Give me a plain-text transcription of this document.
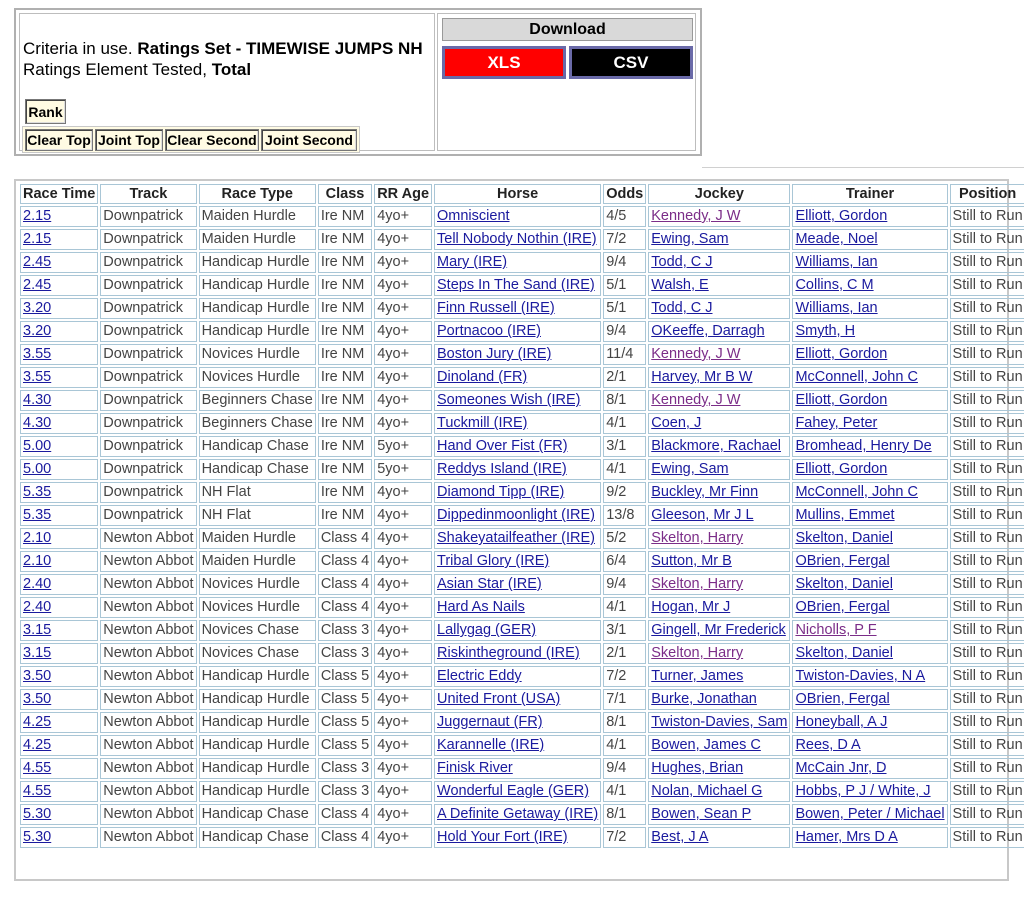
Criteria in use. Ratings Set - TIMEWISE JUMPS NH
Ratings Element Tested, Total
Rank
Clear Top Joint Top Clear Second Joint Second
Download
XLS	CSV
Race Time	Track	Race Type	Class	RR Age	Horse	Odds	Jockey	Trainer	Position
2.15	Downpatrick	Maiden Hurdle	Ire NM	4yo+	Omniscient	4/5	Kennedy, J W	Elliott, Gordon	Still to Run
2.15	Downpatrick	Maiden Hurdle	Ire NM	4yo+	Tell Nobody Nothin (IRE)	7/2	Ewing, Sam	Meade, Noel	Still to Run
2.45	Downpatrick	Handicap Hurdle	Ire NM	4yo+	Mary (IRE)	9/4	Todd, C J	Williams, Ian	Still to Run
2.45	Downpatrick	Handicap Hurdle	Ire NM	4yo+	Steps In The Sand (IRE)	5/1	Walsh, E	Collins, C M	Still to Run
3.20	Downpatrick	Handicap Hurdle	Ire NM	4yo+	Finn Russell (IRE)	5/1	Todd, C J	Williams, Ian	Still to Run
3.20	Downpatrick	Handicap Hurdle	Ire NM	4yo+	Portnacoo (IRE)	9/4	OKeeffe, Darragh	Smyth, H	Still to Run
3.55	Downpatrick	Novices Hurdle	Ire NM	4yo+	Boston Jury (IRE)	11/4	Kennedy, J W	Elliott, Gordon	Still to Run
3.55	Downpatrick	Novices Hurdle	Ire NM	4yo+	Dinoland (FR)	2/1	Harvey, Mr B W	McConnell, John C	Still to Run
4.30	Downpatrick	Beginners Chase	Ire NM	4yo+	Someones Wish (IRE)	8/1	Kennedy, J W	Elliott, Gordon	Still to Run
4.30	Downpatrick	Beginners Chase	Ire NM	4yo+	Tuckmill (IRE)	4/1	Coen, J	Fahey, Peter	Still to Run
5.00	Downpatrick	Handicap Chase	Ire NM	5yo+	Hand Over Fist (FR)	3/1	Blackmore, Rachael	Bromhead, Henry De	Still to Run
5.00	Downpatrick	Handicap Chase	Ire NM	5yo+	Reddys Island (IRE)	4/1	Ewing, Sam	Elliott, Gordon	Still to Run
5.35	Downpatrick	NH Flat	Ire NM	4yo+	Diamond Tipp (IRE)	9/2	Buckley, Mr Finn	McConnell, John C	Still to Run
5.35	Downpatrick	NH Flat	Ire NM	4yo+	Dippedinmoonlight (IRE)	13/8	Gleeson, Mr J L	Mullins, Emmet	Still to Run
2.10	Newton Abbot	Maiden Hurdle	Class 4	4yo+	Shakeyatailfeather (IRE)	5/2	Skelton, Harry	Skelton, Daniel	Still to Run
2.10	Newton Abbot	Maiden Hurdle	Class 4	4yo+	Tribal Glory (IRE)	6/4	Sutton, Mr B	OBrien, Fergal	Still to Run
2.40	Newton Abbot	Novices Hurdle	Class 4	4yo+	Asian Star (IRE)	9/4	Skelton, Harry	Skelton, Daniel	Still to Run
2.40	Newton Abbot	Novices Hurdle	Class 4	4yo+	Hard As Nails	4/1	Hogan, Mr J	OBrien, Fergal	Still to Run
3.15	Newton Abbot	Novices Chase	Class 3	4yo+	Lallygag (GER)	3/1	Gingell, Mr Frederick	Nicholls, P F	Still to Run
3.15	Newton Abbot	Novices Chase	Class 3	4yo+	Riskintheground (IRE)	2/1	Skelton, Harry	Skelton, Daniel	Still to Run
3.50	Newton Abbot	Handicap Hurdle	Class 5	4yo+	Electric Eddy	7/2	Turner, James	Twiston-Davies, N A	Still to Run
3.50	Newton Abbot	Handicap Hurdle	Class 5	4yo+	United Front (USA)	7/1	Burke, Jonathan	OBrien, Fergal	Still to Run
4.25	Newton Abbot	Handicap Hurdle	Class 5	4yo+	Juggernaut (FR)	8/1	Twiston-Davies, Sam	Honeyball, A J	Still to Run
4.25	Newton Abbot	Handicap Hurdle	Class 5	4yo+	Karannelle (IRE)	4/1	Bowen, James C	Rees, D A	Still to Run
4.55	Newton Abbot	Handicap Hurdle	Class 3	4yo+	Finisk River	9/4	Hughes, Brian	McCain Jnr, D	Still to Run
4.55	Newton Abbot	Handicap Hurdle	Class 3	4yo+	Wonderful Eagle (GER)	4/1	Nolan, Michael G	Hobbs, P J / White, J	Still to Run
5.30	Newton Abbot	Handicap Chase	Class 4	4yo+	A Definite Getaway (IRE)	8/1	Bowen, Sean P	Bowen, Peter / Michael	Still to Run
5.30	Newton Abbot	Handicap Chase	Class 4	4yo+	Hold Your Fort (IRE)	7/2	Best, J A	Hamer, Mrs D A	Still to Run
